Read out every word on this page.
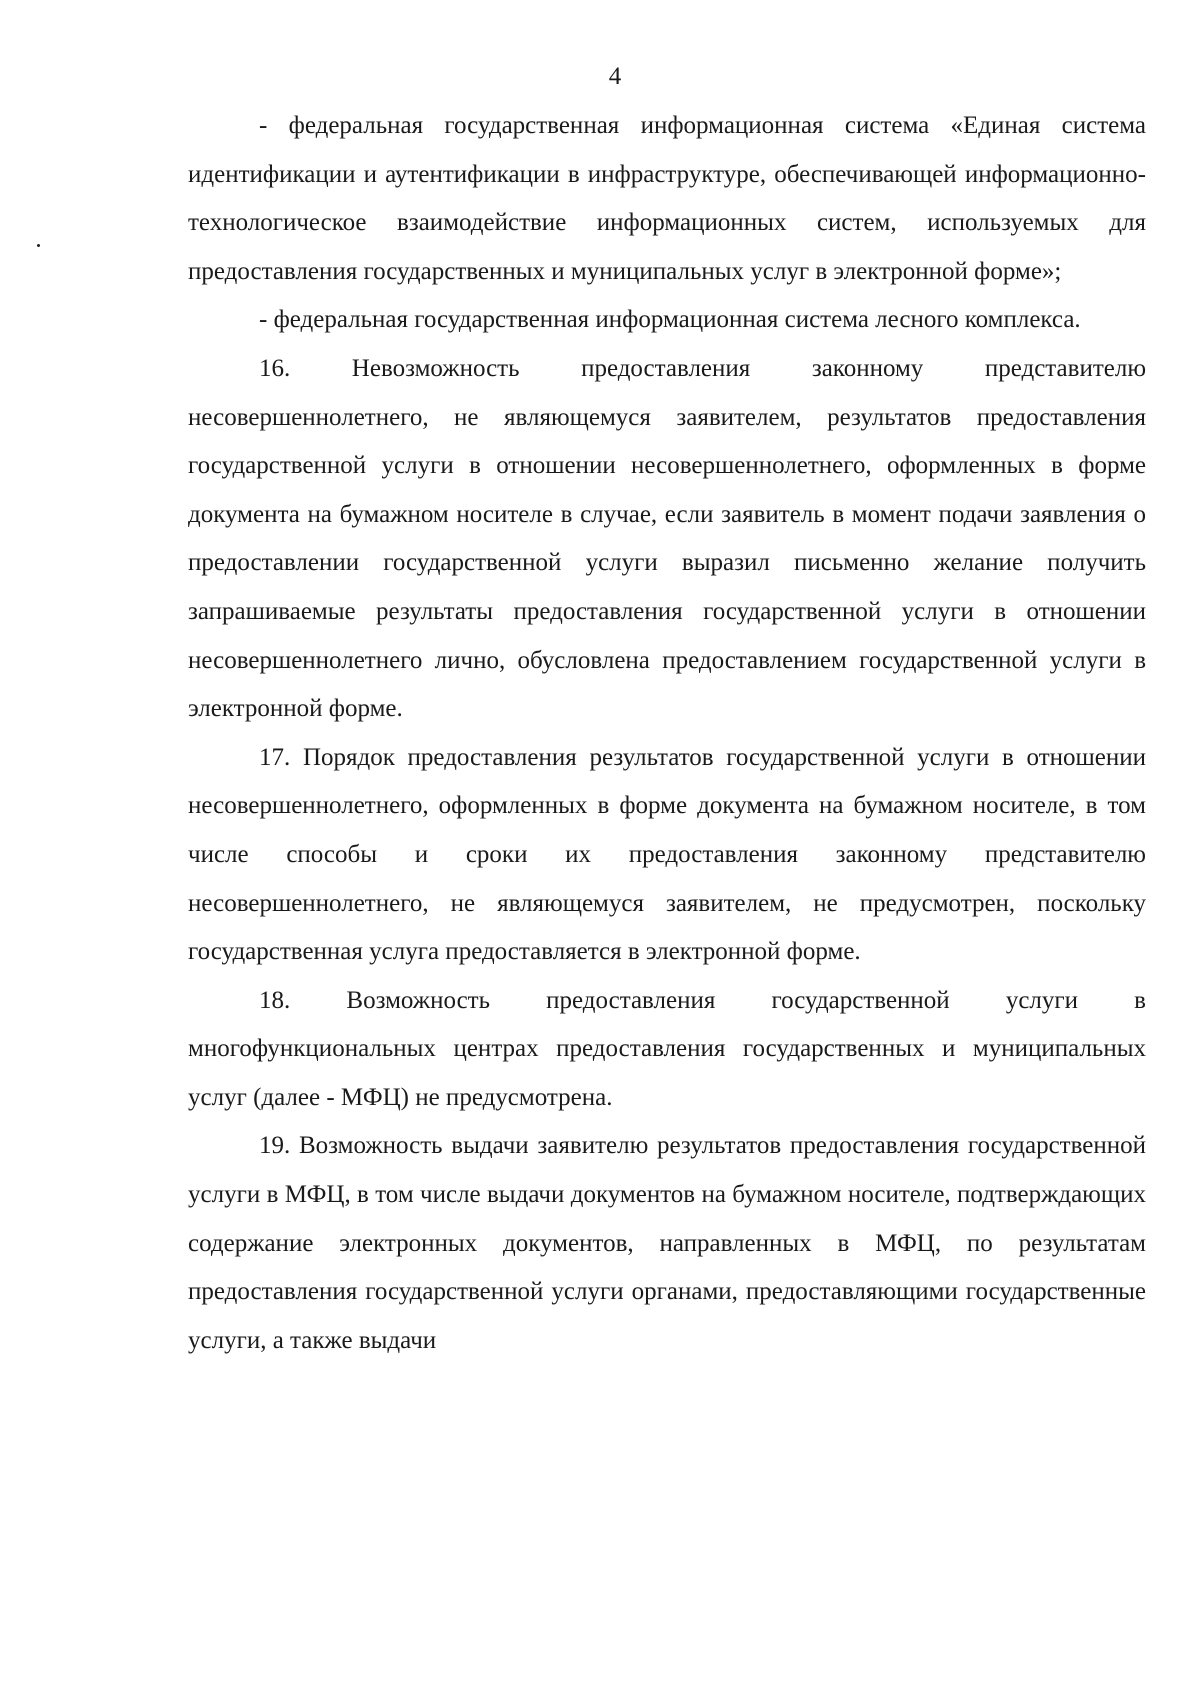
4

- федеральная государственная информационная система «Единая система идентификации и аутентификации в инфраструктуре, обеспечивающей информационно-технологическое взаимодействие информационных систем, используемых для предоставления государственных и муниципальных услуг в электронной форме»;

- федеральная государственная информационная система лесного комплекса.

16. Невозможность предоставления законному представителю несовершеннолетнего, не являющемуся заявителем, результатов предоставления государственной услуги в отношении несовершеннолетнего, оформленных в форме документа на бумажном носителе в случае, если заявитель в момент подачи заявления о предоставлении государственной услуги выразил письменно желание получить запрашиваемые результаты предоставления государственной услуги в отношении несовершеннолетнего лично, обусловлена предоставлением государственной услуги в электронной форме.

17. Порядок предоставления результатов государственной услуги в отношении несовершеннолетнего, оформленных в форме документа на бумажном носителе, в том числе способы и сроки их предоставления законному представителю несовершеннолетнего, не являющемуся заявителем, не предусмотрен, поскольку государственная услуга предоставляется в электронной форме.

18. Возможность предоставления государственной услуги в многофункциональных центрах предоставления государственных и муниципальных услуг (далее - МФЦ) не предусмотрена.

19. Возможность выдачи заявителю результатов предоставления государственной услуги в МФЦ, в том числе выдачи документов на бумажном носителе, подтверждающих содержание электронных документов, направленных в МФЦ, по результатам предоставления государственной услуги органами, предоставляющими государственные услуги, а также выдачи
